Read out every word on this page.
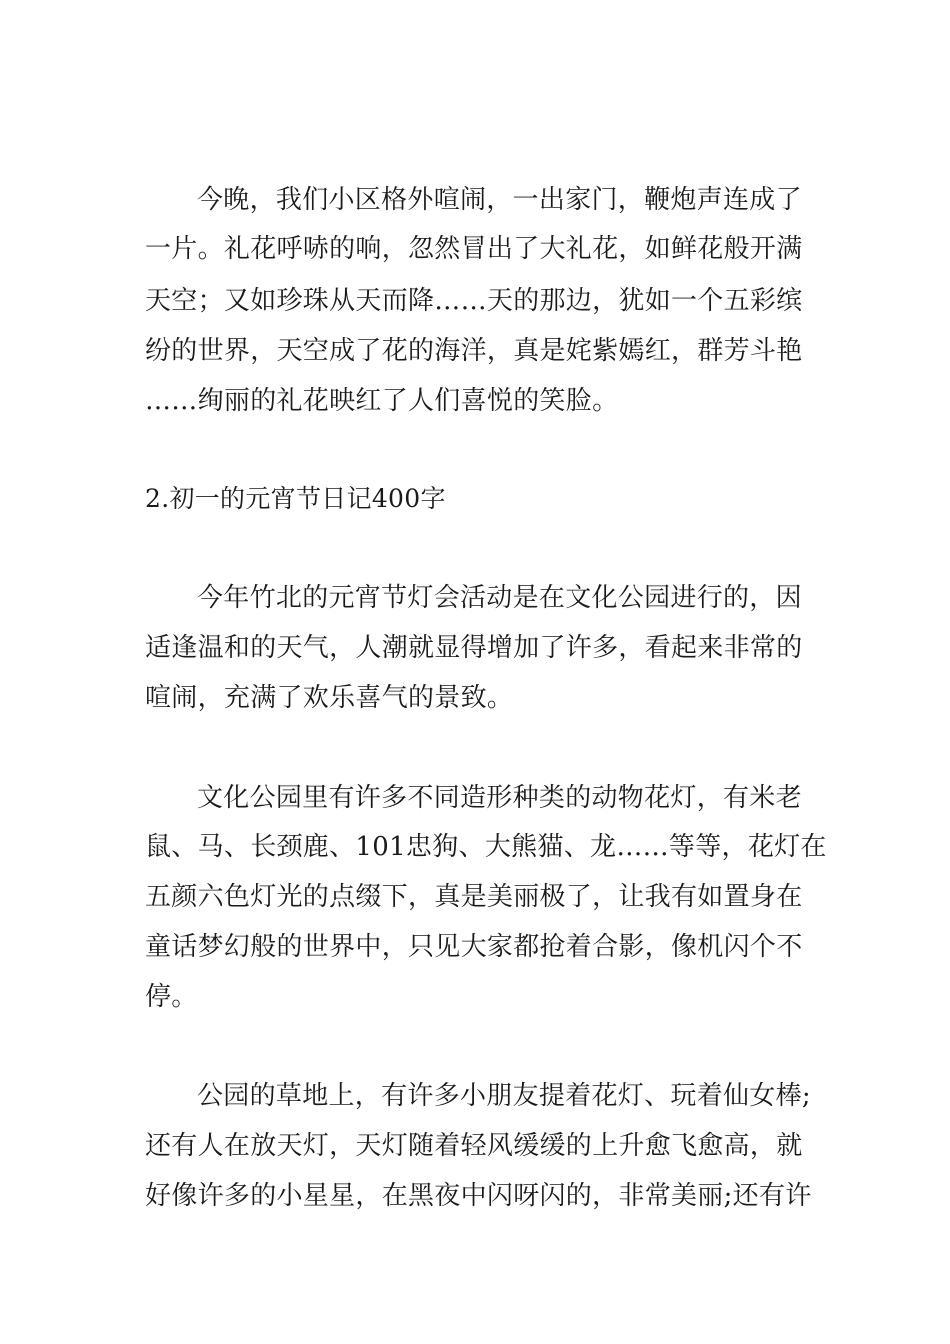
今晚，我们小区格外喧闹，一出家门，鞭炮声连成了
一片。礼花呼哧的响，忽然冒出了大礼花，如鲜花般开满
天空；又如珍珠从天而降……天的那边，犹如一个五彩缤
纷的世界，天空成了花的海洋，真是姹紫嫣红，群芳斗艳
……绚丽的礼花映红了人们喜悦的笑脸。
2.初一的元宵节日记400字
今年竹北的元宵节灯会活动是在文化公园进行的，因
适逢温和的天气，人潮就显得增加了许多，看起来非常的
喧闹，充满了欢乐喜气的景致。
文化公园里有许多不同造形种类的动物花灯，有米老
鼠、马、长颈鹿、101忠狗、大熊猫、龙……等等，花灯在
五颜六色灯光的点缀下，真是美丽极了，让我有如置身在
童话梦幻般的世界中，只见大家都抢着合影，像机闪个不
停。
公园的草地上，有许多小朋友提着花灯、玩着仙女棒;
还有人在放天灯，天灯随着轻风缓缓的上升愈飞愈高，就
好像许多的小星星，在黑夜中闪呀闪的，非常美丽;还有许
